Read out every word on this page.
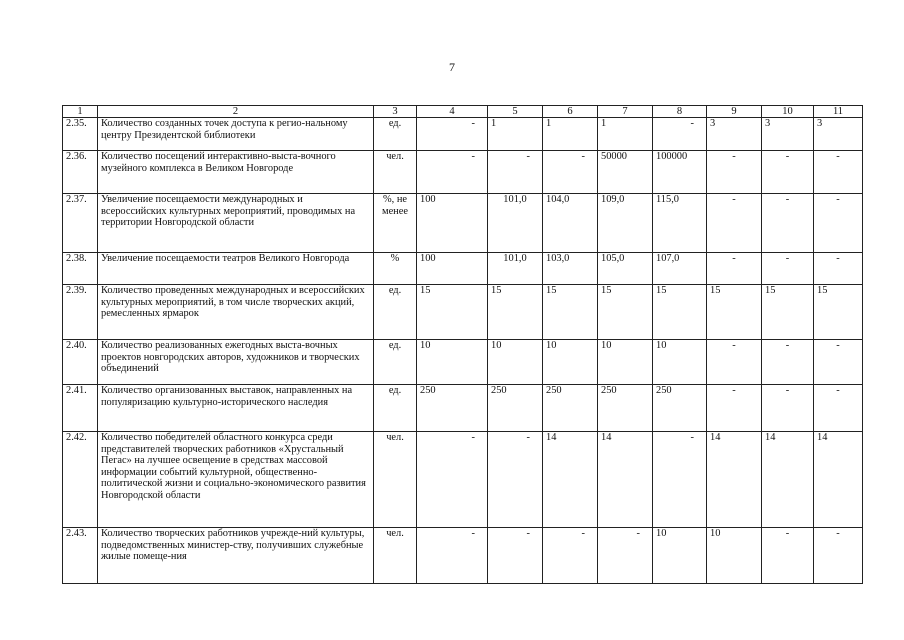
7
1	2	3	4	5	6	7	8	9	10	11
2.35.	Количество созданных точек доступа к регио-нальному центру Президентской библиотеки	ед.	-	1	1	1	-	3	3	3
2.36.	Количество посещений интерактивно-выста-вочного музейного комплекса в Великом Новгороде	чел.	-	-	-	50000	100000	-	-	-
2.37.	Увеличение посещаемости международных и всероссийских культурных мероприятий, проводимых на территории Новгородской области	%, не менее	100	101,0	104,0	109,0	115,0	-	-	-
2.38.	Увеличение посещаемости театров Великого Новгорода	%	100	101,0	103,0	105,0	107,0	-	-	-
2.39.	Количество проведенных международных и всероссийских культурных мероприятий, в том числе творческих акций, ремесленных ярмарок	ед.	15	15	15	15	15	15	15	15
2.40.	Количество реализованных ежегодных выста-вочных проектов новгородских авторов, художников и творческих объединений	ед.	10	10	10	10	10	-	-	-
2.41.	Количество организованных выставок, направленных на популяризацию культурно-исторического наследия	ед.	250	250	250	250	250	-	-	-
2.42.	Количество победителей областного конкурса среди представителей творческих работников «Хрустальный Пегас» на лучшее освещение в средствах массовой информации событий культурной, общественно-политической жизни и социально-экономического развития Новгородской области	чел.	-	-	14	14	-	14	14	14
2.43.	Количество творческих работников учрежде-ний культуры, подведомственных министер-ству, получивших служебные жилые помеще-ния	чел.	-	-	-	-	10	10	-	-
